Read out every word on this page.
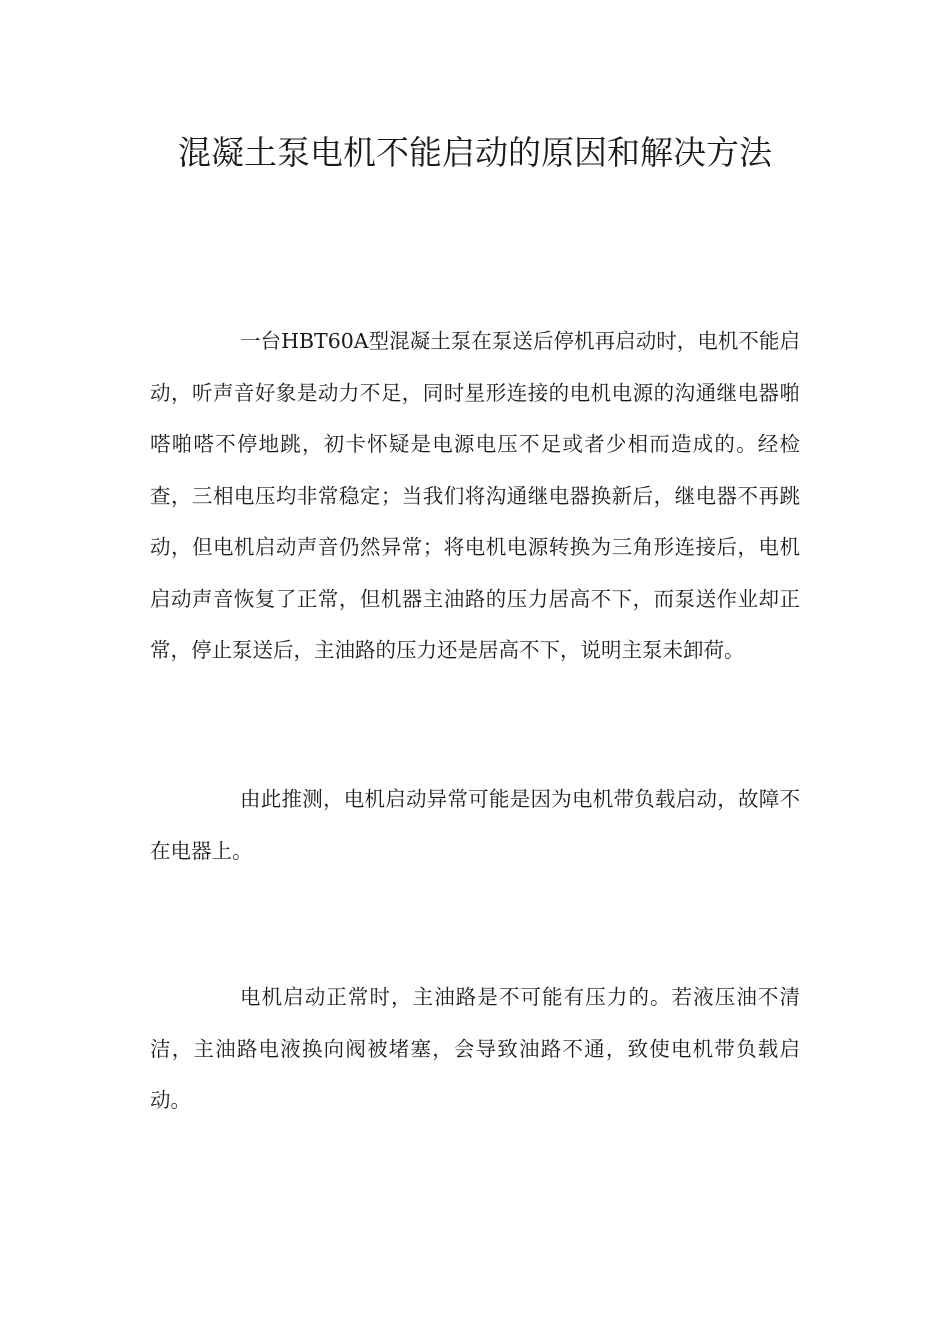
混凝土泵电机不能启动的原因和解决方法

一台HBT60A型混凝土泵在泵送后停机再启动时，电机不能启动，听声音好象是动力不足，同时星形连接的电机电源的沟通继电器啪嗒啪嗒不停地跳，初卡怀疑是电源电压不足或者少相而造成的。经检查，三相电压均非常稳定；当我们将沟通继电器换新后，继电器不再跳动，但电机启动声音仍然异常；将电机电源转换为三角形连接后，电机启动声音恢复了正常，但机器主油路的压力居高不下，而泵送作业却正常，停止泵送后，主油路的压力还是居高不下，说明主泵未卸荷。

由此推测，电机启动异常可能是因为电机带负载启动，故障不在电器上。

电机启动正常时，主油路是不可能有压力的。若液压油不清洁，主油路电液换向阀被堵塞，会导致油路不通，致使电机带负载启动。
